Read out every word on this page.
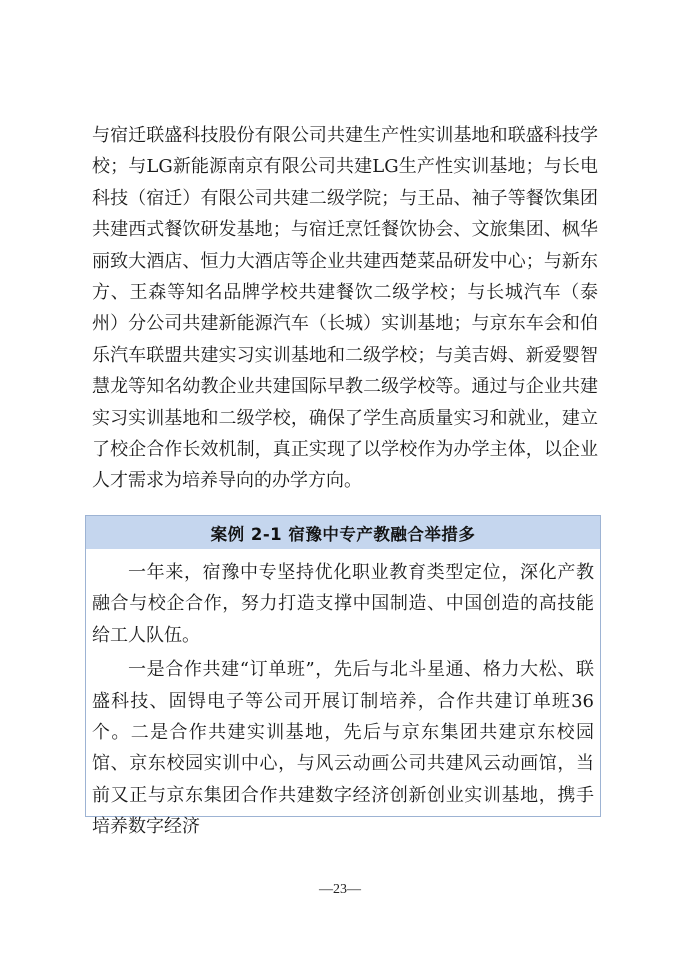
与宿迁联盛科技股份有限公司共建生产性实训基地和联盛科技学校；与LG新能源南京有限公司共建LG生产性实训基地；与长电科技（宿迁）有限公司共建二级学院；与王品、袖子等餐饮集团共建西式餐饮研发基地；与宿迁烹饪餐饮协会、文旅集团、枫华丽致大酒店、恒力大酒店等企业共建西楚菜品研发中心；与新东方、王森等知名品牌学校共建餐饮二级学校；与长城汽车（泰州）分公司共建新能源汽车（长城）实训基地；与京东车会和伯乐汽车联盟共建实习实训基地和二级学校；与美吉姆、新爱婴智慧龙等知名幼教企业共建国际早教二级学校等。通过与企业共建实习实训基地和二级学校，确保了学生高质量实习和就业，建立了校企合作长效机制，真正实现了以学校作为办学主体，以企业人才需求为培养导向的办学方向。

案例 2-1 宿豫中专产教融合举措多

一年来，宿豫中专坚持优化职业教育类型定位，深化产教融合与校企合作，努力打造支撑中国制造、中国创造的高技能给工人队伍。

一是合作共建“订单班”，先后与北斗星通、格力大松、联盛科技、固锝电子等公司开展订制培养，合作共建订单班36个。二是合作共建实训基地，先后与京东集团共建京东校园馆、京东校园实训中心，与风云动画公司共建风云动画馆，当前又正与京东集团合作共建数字经济创新创业实训基地，携手培养数字经济

—23—
